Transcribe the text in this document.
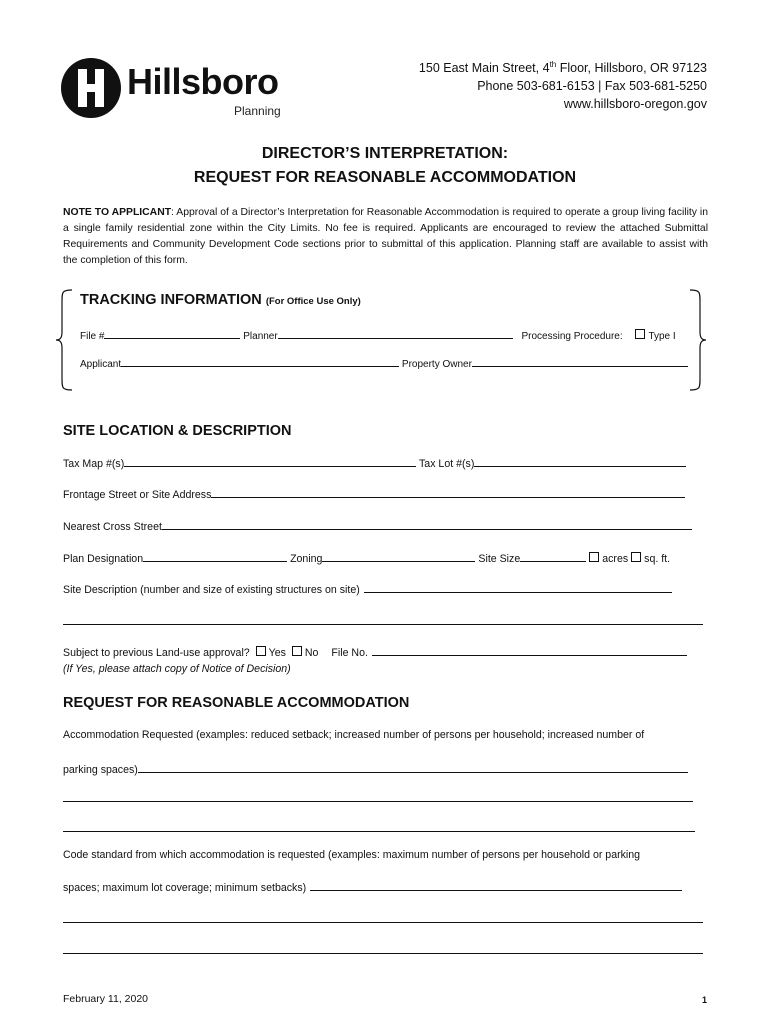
Hillsboro
Planning
150 East Main Street, 4th Floor, Hillsboro, OR 97123
Phone 503-681-6153 | Fax 503-681-5250
www.hillsboro-oregon.gov
DIRECTOR’S INTERPRETATION:
REQUEST FOR REASONABLE ACCOMMODATION
NOTE TO APPLICANT: Approval of a Director’s Interpretation for Reasonable Accommodation is required to operate a group living facility in a single family residential zone within the City Limits. No fee is required. Applicants are encouraged to review the attached Submittal Requirements and Community Development Code sections prior to submittal of this application. Planning staff are available to assist with the completion of this form.
TRACKING INFORMATION (For Office Use Only)
File #	Planner	Processing Procedure:	Type I
Applicant	Property Owner
SITE LOCATION & DESCRIPTION
Tax Map #(s)	Tax Lot #(s)
Frontage Street or Site Address
Nearest Cross Street
Plan Designation	Zoning	Site Size	acres sq. ft.
Site Description (number and size of existing structures on site)
Subject to previous Land-use approval? Yes No File No.
(If Yes, please attach copy of Notice of Decision)
REQUEST FOR REASONABLE ACCOMMODATION
Accommodation Requested (examples: reduced setback; increased number of persons per household; increased number of
parking spaces)
Code standard from which accommodation is requested (examples: maximum number of persons per household or parking
spaces; maximum lot coverage; minimum setbacks)
February 11, 2020	1
